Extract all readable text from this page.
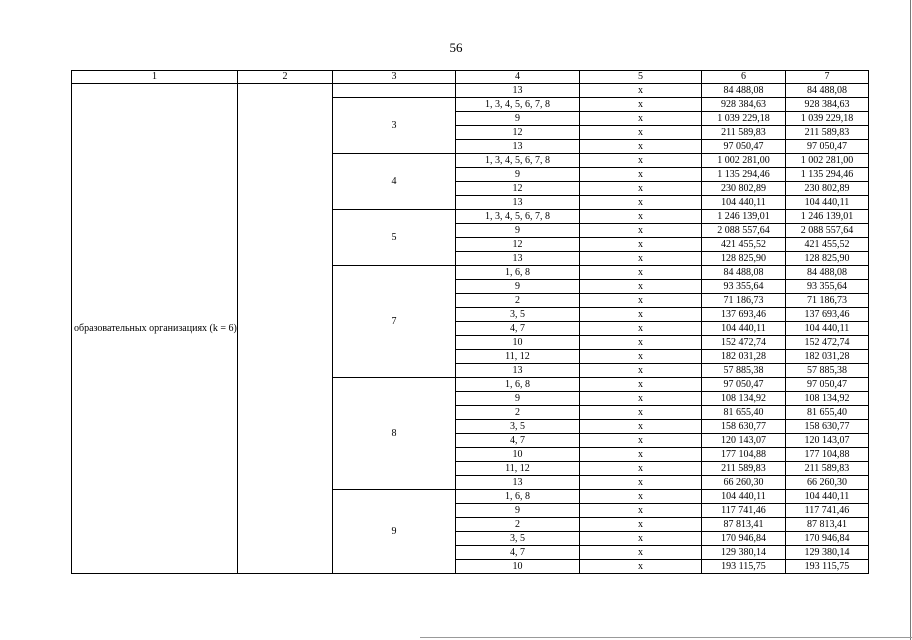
56
1	2	3	4	5	6	7
образовательных организациях (k = 6)			13	x	84 488,08	84 488,08
		3	1, 3, 4, 5, 6, 7, 8	x	928 384,63	928 384,63
			9	x	1 039 229,18	1 039 229,18
			12	x	211 589,83	211 589,83
			13	x	97 050,47	97 050,47
		4	1, 3, 4, 5, 6, 7, 8	x	1 002 281,00	1 002 281,00
			9	x	1 135 294,46	1 135 294,46
			12	x	230 802,89	230 802,89
			13	x	104 440,11	104 440,11
		5	1, 3, 4, 5, 6, 7, 8	x	1 246 139,01	1 246 139,01
			9	x	2 088 557,64	2 088 557,64
			12	x	421 455,52	421 455,52
			13	x	128 825,90	128 825,90
		7	1, 6, 8	x	84 488,08	84 488,08
			9	x	93 355,64	93 355,64
			2	x	71 186,73	71 186,73
			3, 5	x	137 693,46	137 693,46
			4, 7	x	104 440,11	104 440,11
			10	x	152 472,74	152 472,74
			11, 12	x	182 031,28	182 031,28
			13	x	57 885,38	57 885,38
		8	1, 6, 8	x	97 050,47	97 050,47
			9	x	108 134,92	108 134,92
			2	x	81 655,40	81 655,40
			3, 5	x	158 630,77	158 630,77
			4, 7	x	120 143,07	120 143,07
			10	x	177 104,88	177 104,88
			11, 12	x	211 589,83	211 589,83
			13	x	66 260,30	66 260,30
		9	1, 6, 8	x	104 440,11	104 440,11
			9	x	117 741,46	117 741,46
			2	x	87 813,41	87 813,41
			3, 5	x	170 946,84	170 946,84
			4, 7	x	129 380,14	129 380,14
			10	x	193 115,75	193 115,75
